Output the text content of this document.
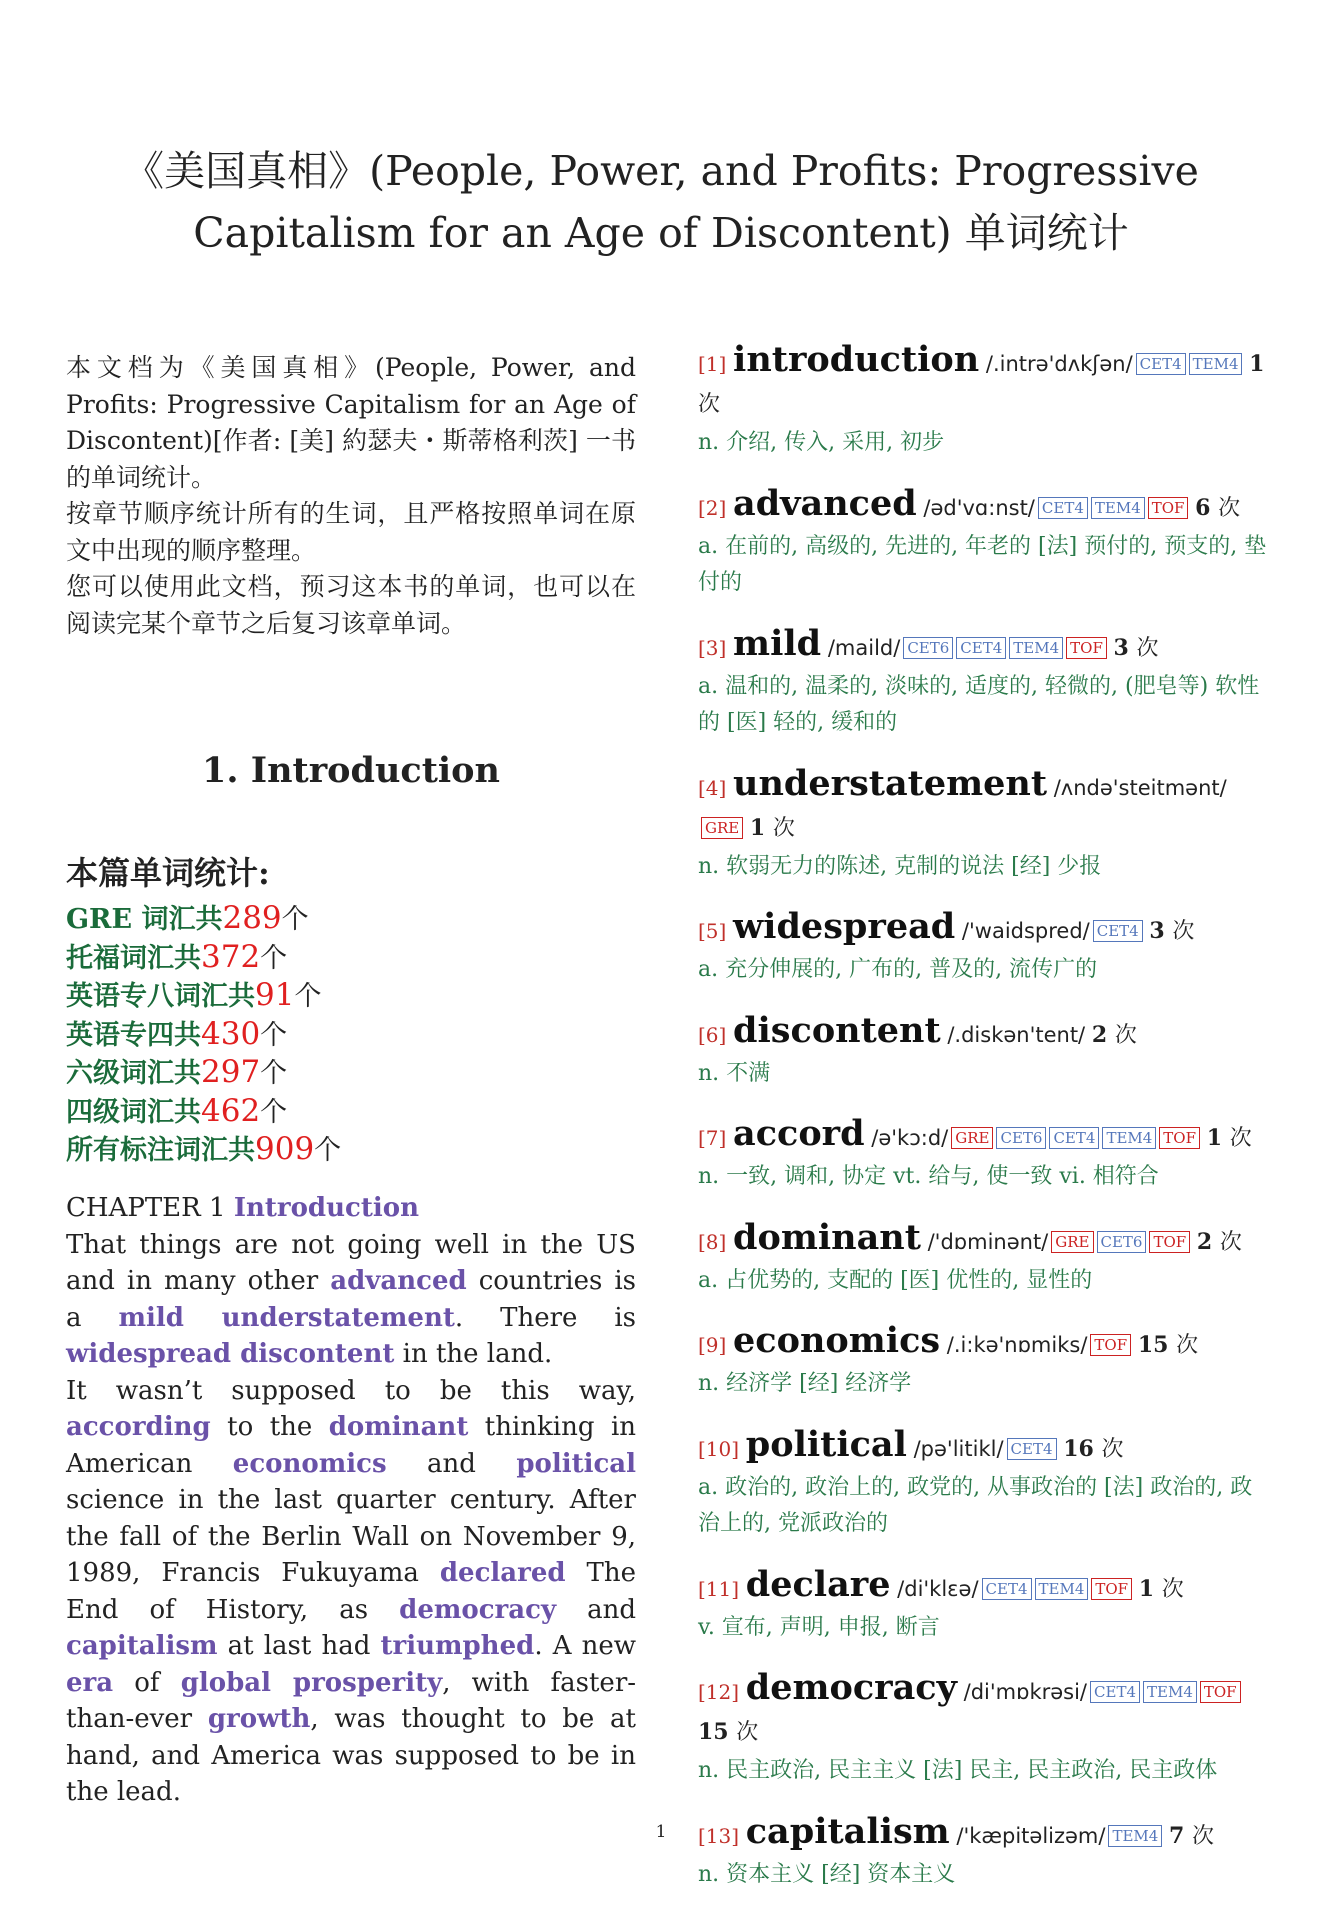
《美国真相》(People, Power, and Profits: Progressive Capitalism for an Age of Discontent) 单词统计

本文档为《美国真相》(People, Power, and Profits: Progressive Capitalism for an Age of Discontent)[作者: [美] 約瑟夫・斯蒂格利茨] 一书的单词统计。

按章节顺序统计所有的生词，且严格按照单词在原文中出现的顺序整理。

您可以使用此文档，预习这本书的单词，也可以在阅读完某个章节之后复习该章单词。

1. Introduction
本篇单词统计:
GRE 词汇共289个
托福词汇共372个
英语专八词汇共91个
英语专四共430个
六级词汇共297个
四级词汇共462个
所有标注词汇共909个
CHAPTER 1 Introduction

That things are not going well in the US and in many other advanced countries is a mild understatement. There is widespread discontent in the land.

It wasn’t supposed to be this way, according to the dominant thinking in American economics and political science in the last quarter century. After the fall of the Berlin Wall on November 9, 1989, Francis Fukuyama declared The End of History, as democracy and capitalism at last had triumphed. A new era of global prosperity, with faster-than-ever growth, was thought to be at hand, and America was supposed to be in the lead.

[1] introduction /.intrə'dʌkʃən/ CET4 TEM4 1 次
n. 介绍, 传入, 采用, 初步
[2] advanced /əd'vɑ:nst/ CET4 TEM4 TOF 6 次
a. 在前的, 高级的, 先进的, 年老的 [法] 预付的, 预支的, 垫付的
[3] mild /maild/ CET6 CET4 TEM4 TOF 3 次
a. 温和的, 温柔的, 淡味的, 适度的, 轻微的, (肥皂等) 软性的 [医] 轻的, 缓和的
[4] understatement /ʌndə'steitmənt/GRE 1 次
n. 软弱无力的陈述, 克制的说法 [经] 少报
[5] widespread /'waidspred/ CET4 3 次
a. 充分伸展的, 广布的, 普及的, 流传广的
[6] discontent /.diskən'tent/ 2 次
n. 不满
[7] accord /ə'kɔ:d/ GRE CET6 CET4 TEM4 TOF 1 次
n. 一致, 调和, 协定 vt. 给与, 使一致 vi. 相符合
[8] dominant /'dɒminənt/ GRE CET6 TOF 2 次
a. 占优势的, 支配的 [医] 优性的, 显性的
[9] economics /.i:kə'nɒmiks/ TOF 15 次
n. 经济学 [经] 经济学
[10] political /pə'litikl/ CET4 16 次
a. 政治的, 政治上的, 政党的, 从事政治的 [法] 政治的, 政治上的, 党派政治的
[11] declare /di'klɛə/ CET4 TEM4 TOF 1 次
v. 宣布, 声明, 申报, 断言
[12] democracy /di'mɒkrəsi/ CET4 TEM4 TOF 15 次
n. 民主政治, 民主主义 [法] 民主, 民主政治, 民主政体
[13] capitalism /'kæpitəlizəm/ TEM4 7 次
n. 资本主义 [经] 资本主义
1
